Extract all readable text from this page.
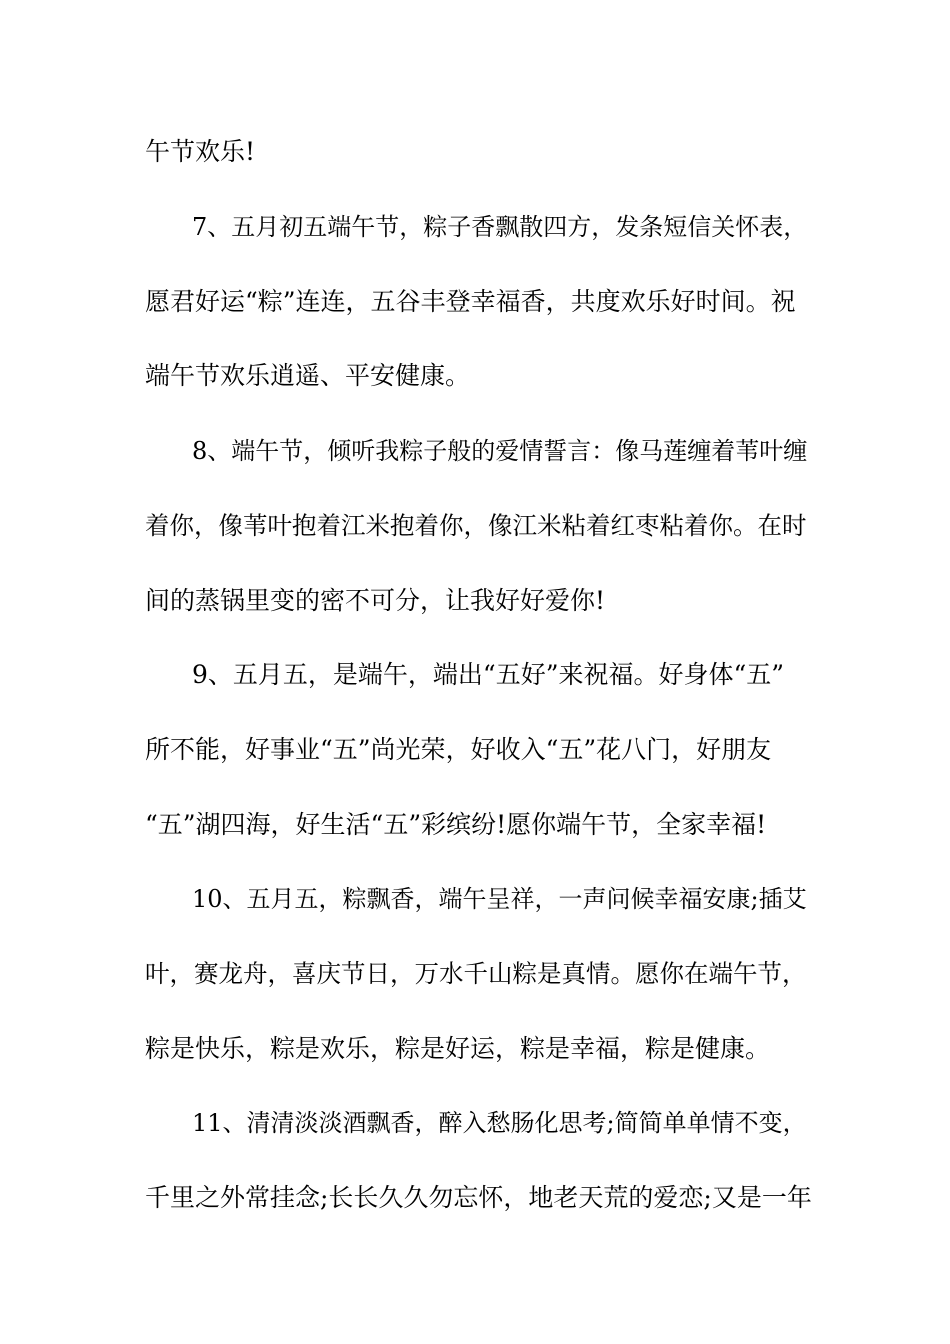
午节欢乐!
7、五月初五端午节，粽子香飘散四方，发条短信关怀表，
愿君好运“粽”连连，五谷丰登幸福香，共度欢乐好时间。祝
端午节欢乐逍遥、平安健康。
8、端午节，倾听我粽子般的爱情誓言：像马莲缠着苇叶缠
着你，像苇叶抱着江米抱着你，像江米粘着红枣粘着你。在时
间的蒸锅里变的密不可分，让我好好爱你!
9、五月五，是端午，端出“五好”来祝福。好身体“五”
所不能，好事业“五”尚光荣，好收入“五”花八门，好朋友
“五”湖四海，好生活“五”彩缤纷!愿你端午节，全家幸福!
10、五月五，粽飘香，端午呈祥，一声问候幸福安康;插艾
叶，赛龙舟，喜庆节日，万水千山粽是真情。愿你在端午节，
粽是快乐，粽是欢乐，粽是好运，粽是幸福，粽是健康。
11、清清淡淡酒飘香，醉入愁肠化思考;简简单单情不变，
千里之外常挂念;长长久久勿忘怀，地老天荒的爱恋;又是一年
